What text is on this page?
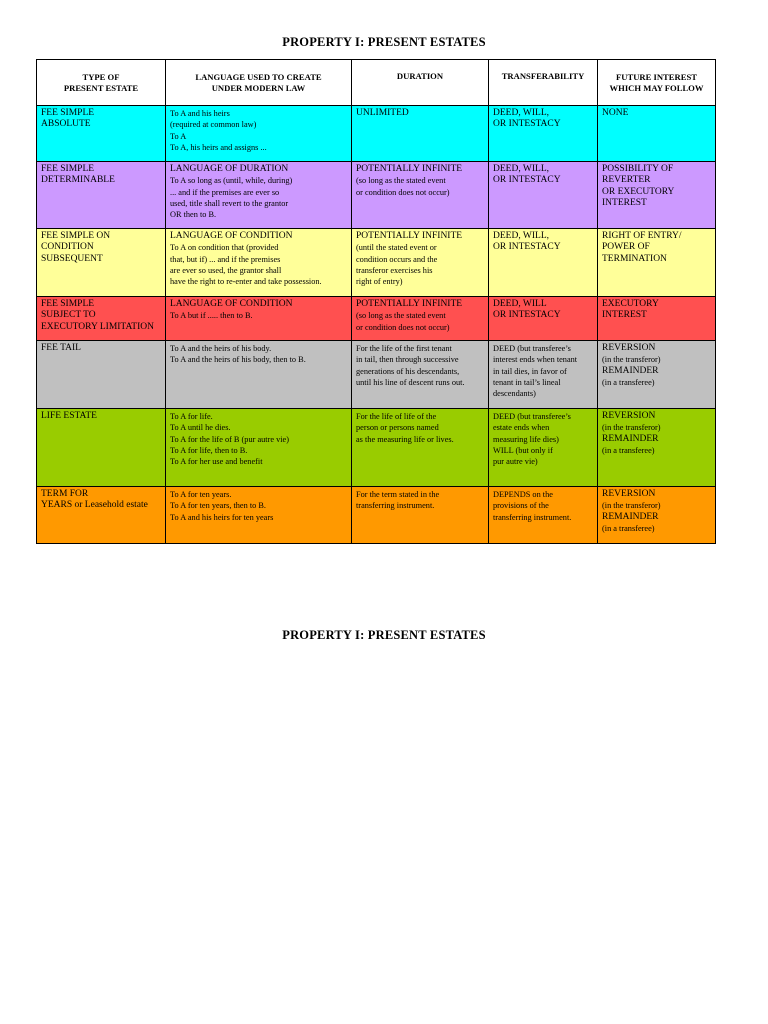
PROPERTY I: PRESENT ESTATES
TYPE OF
PRESENT ESTATE	LANGUAGE USED TO CREATE
UNDER MODERN LAW	DURATION	TRANSFERABILITY	FUTURE INTEREST
WHICH MAY FOLLOW

FEE SIMPLE
ABSOLUTE	To A and his heirs
(required at common law)
To A
To A, his heirs and assigns ...	UNLIMITED	DEED, WILL,
OR INTESTACY	NONE

FEE SIMPLE
DETERMINABLE	LANGUAGE OF DURATION
To A so long as (until, while, during)
... and if the premises are ever so
used, title shall revert to the grantor
OR then to B.	POTENTIALLY INFINITE
(so long as the stated event
or condition does not occur)	DEED, WILL,
OR INTESTACY	POSSIBILITY OF
REVERTER
OR EXECUTORY
INTEREST

FEE SIMPLE ON
CONDITION
SUBSEQUENT	LANGUAGE OF CONDITION
To A on condition that (provided
that, but if) ... and if the premises
are ever so used, the grantor shall
have the right to re-enter and take possession.	POTENTIALLY INFINITE
(until the stated event or
condition occurs and the
transferor exercises his
right of entry)	DEED, WILL,
OR INTESTACY	RIGHT OF ENTRY/
POWER OF
TERMINATION

FEE SIMPLE
SUBJECT TO
EXECUTORY LIMITATION	LANGUAGE OF CONDITION
To A but if ..... then to B.	POTENTIALLY INFINITE
(so long as the stated event
or condition does not occur)	DEED, WILL
OR INTESTACY	EXECUTORY
INTEREST

FEE TAIL	To A and the heirs of his body.
To A and the heirs of his body, then to B.	For the life of the first tenant
in tail, then through successive
generations of his descendants,
until his line of descent runs out.	DEED (but transferee’s
interest ends when tenant
in tail dies, in favor of
tenant in tail’s lineal
descendants)	REVERSION
(in the transferor)
REMAINDER
(in a transferee)

LIFE ESTATE	To A for life.
To A until he dies.
To A for the life of B (pur autre vie)
To A for life, then to B.
To A for her use and benefit	For the life of life of the
person or persons named
as the measuring life or lives.	DEED (but transferee’s
estate ends when
measuring life dies)
WILL (but only if
pur autre vie)	REVERSION
(in the transferor)
REMAINDER
(in a transferee)

TERM FOR
YEARS or Leasehold estate	To A for ten years.
To A for ten years, then to B.
To A and his heirs for ten years	For the term stated in the
transferring instrument.	DEPENDS on the
provisions of the
transferring instrument.	REVERSION
(in the transferor)
REMAINDER
(in a transferee)
PROPERTY I: PRESENT ESTATES
